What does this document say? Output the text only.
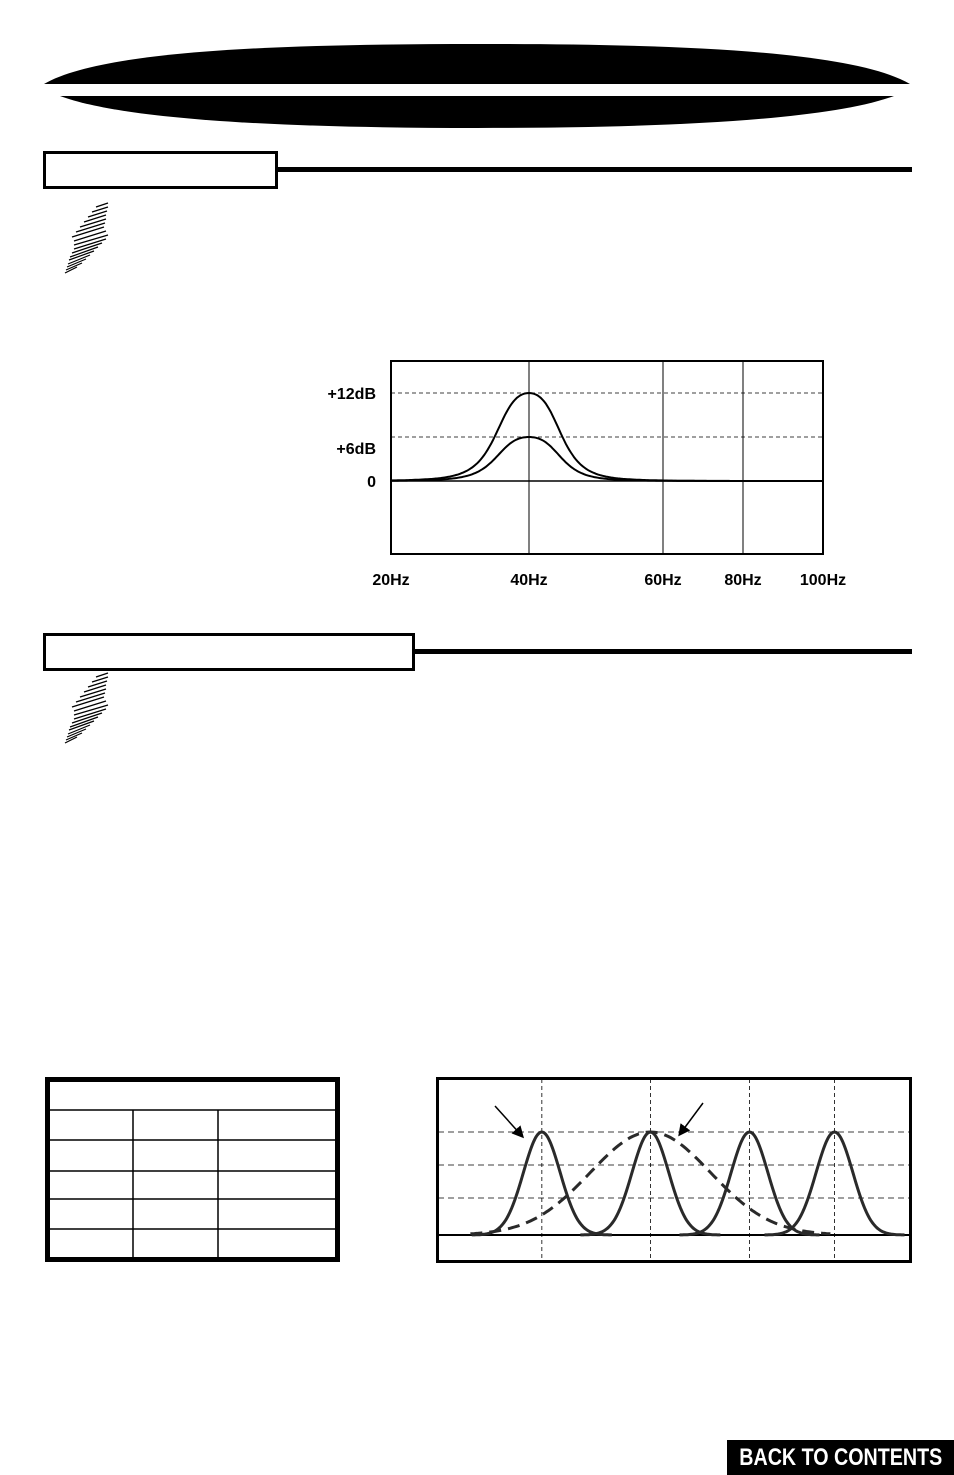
+12dB
+6dB
0
20Hz	40Hz	60Hz	80Hz 100Hz
BACK TO CONTENTS
